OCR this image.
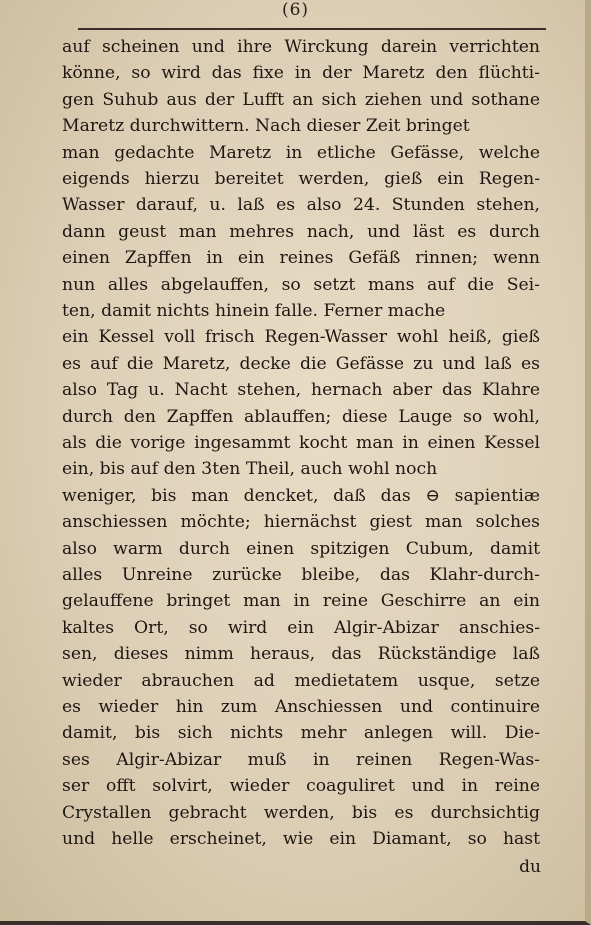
(6)
auf scheinen und ihre Wirckung darein verrichten
könne, so wird das fixe in der Maretz den flüchti-
gen Suhub aus der Lufft an sich ziehen und sothane
Maretz durchwittern. Nach dieser Zeit bringet
man gedachte Maretz in etliche Gefässe, welche
eigends hierzu bereitet werden, gieß ein Regen-
Wasser darauf, u. laß es also 24. Stunden stehen,
dann geust man mehres nach, und läst es durch
einen Zapffen in ein reines Gefäß rinnen; wenn
nun alles abgelauffen, so setzt mans auf die Sei-
ten, damit nichts hinein falle. Ferner mache
ein Kessel voll frisch Regen-Wasser wohl heiß, gieß
es auf die Maretz, decke die Gefässe zu und laß es
also Tag u. Nacht stehen, hernach aber das Klahre
durch den Zapffen ablauffen; diese Lauge so wohl,
als die vorige ingesammt kocht man in einen Kessel
ein, bis auf den 3ten Theil, auch wohl noch
weniger, bis man dencket, daß das ⊖ sapientiæ
anschiessen möchte; hiernächst giest man solches
also warm durch einen spitzigen Cubum, damit
alles Unreine zurücke bleibe, das Klahr-durch-
gelauffene bringet man in reine Geschirre an ein
kaltes Ort, so wird ein Algir-Abizar anschies-
sen, dieses nimm heraus, das Rückständige laß
wieder abrauchen ad medietatem usque, setze
es wieder hin zum Anschiessen und continuire
damit, bis sich nichts mehr anlegen will. Die-
ses Algir-Abizar muß in reinen Regen-Was-
ser offt solvirt, wieder coaguliret und in reine
Crystallen gebracht werden, bis es durchsichtig
und helle erscheinet, wie ein Diamant, so hast
du
